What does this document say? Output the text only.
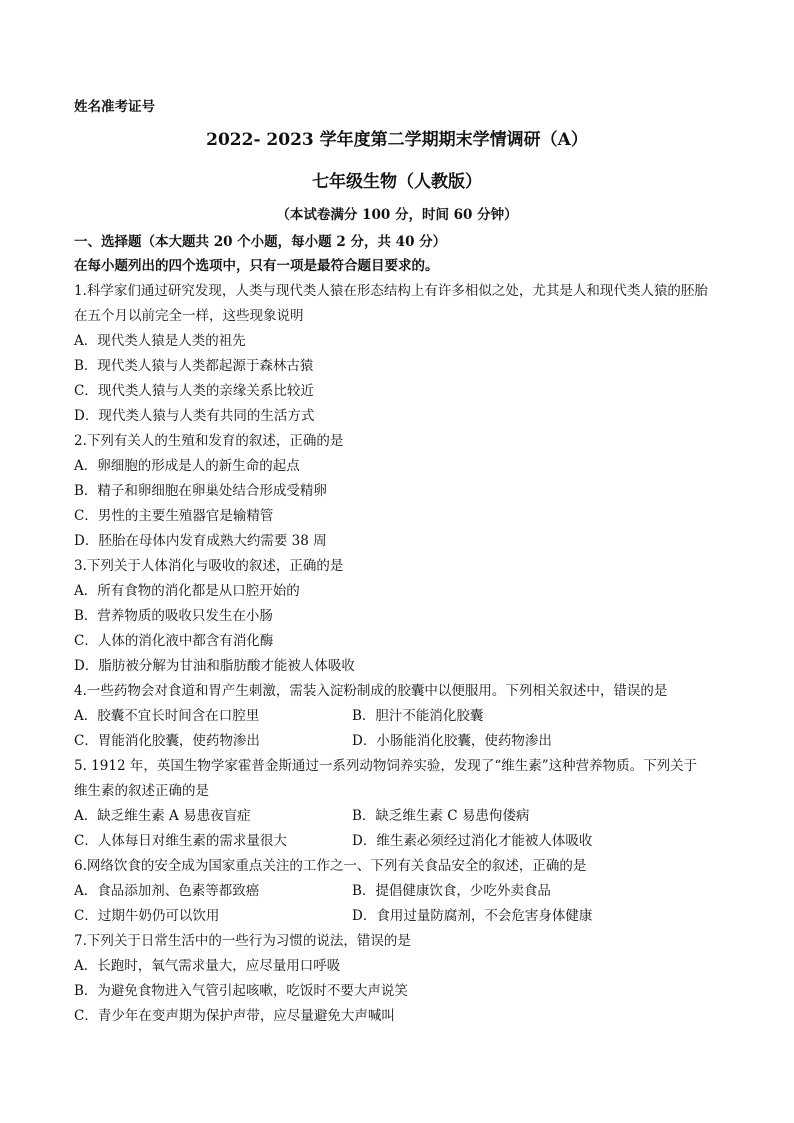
姓名准考证号
2022- 2023 学年度第二学期期末学情调研（A）
七年级生物（人教版）
（本试卷满分 100 分，时间 60 分钟）
一、选择题（本大题共 20 个小题，每小题 2 分，共 40 分）
在每小题列出的四个选项中，只有一项是最符合题目要求的。
1.科学家们通过研究发现，人类与现代类人猿在形态结构上有许多相似之处，尤其是人和现代类人猿的胚胎
在五个月以前完全一样，这些现象说明
A．现代类人猿是人类的祖先
B．现代类人猿与人类都起源于森林古猿
C．现代类人猿与人类的亲缘关系比较近
D．现代类人猿与人类有共同的生活方式
2.下列有关人的生殖和发育的叙述，正确的是
A．卵细胞的形成是人的新生命的起点
B．精子和卵细胞在卵巢处结合形成受精卵
C．男性的主要生殖器官是输精管
D．胚胎在母体内发育成熟大约需要 38 周
3.下列关于人体消化与吸收的叙述，正确的是
A．所有食物的消化都是从口腔开始的
B．营养物质的吸收只发生在小肠
C．人体的消化液中都含有消化酶
D．脂肪被分解为甘油和脂肪酸才能被人体吸收
4.一些药物会对食道和胃产生刺激，需装入淀粉制成的胶囊中以便服用。下列相关叙述中，错误的是
A．胶囊不宜长时间含在口腔里	B．胆汁不能消化胶囊
C．胃能消化胶囊，使药物渗出	D．小肠能消化胶囊，使药物渗出
5. 1912 年，英国生物学家霍普金斯通过一系列动物饲养实验，发现了“维生素”这种营养物质。下列关于
维生素的叙述正确的是
A．缺乏维生素 A 易患夜盲症	B．缺乏维生素 C 易患佝偻病
C．人体每日对维生素的需求量很大	D．维生素必须经过消化才能被人体吸收
6.网络饮食的安全成为国家重点关注的工作之一、下列有关食品安全的叙述，正确的是
A．食品添加剂、色素等都致癌	B．提倡健康饮食，少吃外卖食品
C．过期牛奶仍可以饮用	D．食用过量防腐剂，不会危害身体健康
7.下列关于日常生活中的一些行为习惯的说法，错误的是
A．长跑时，氧气需求量大，应尽量用口呼吸
B．为避免食物进入气管引起咳嗽，吃饭时不要大声说笑
C．青少年在变声期为保护声带，应尽量避免大声喊叫
